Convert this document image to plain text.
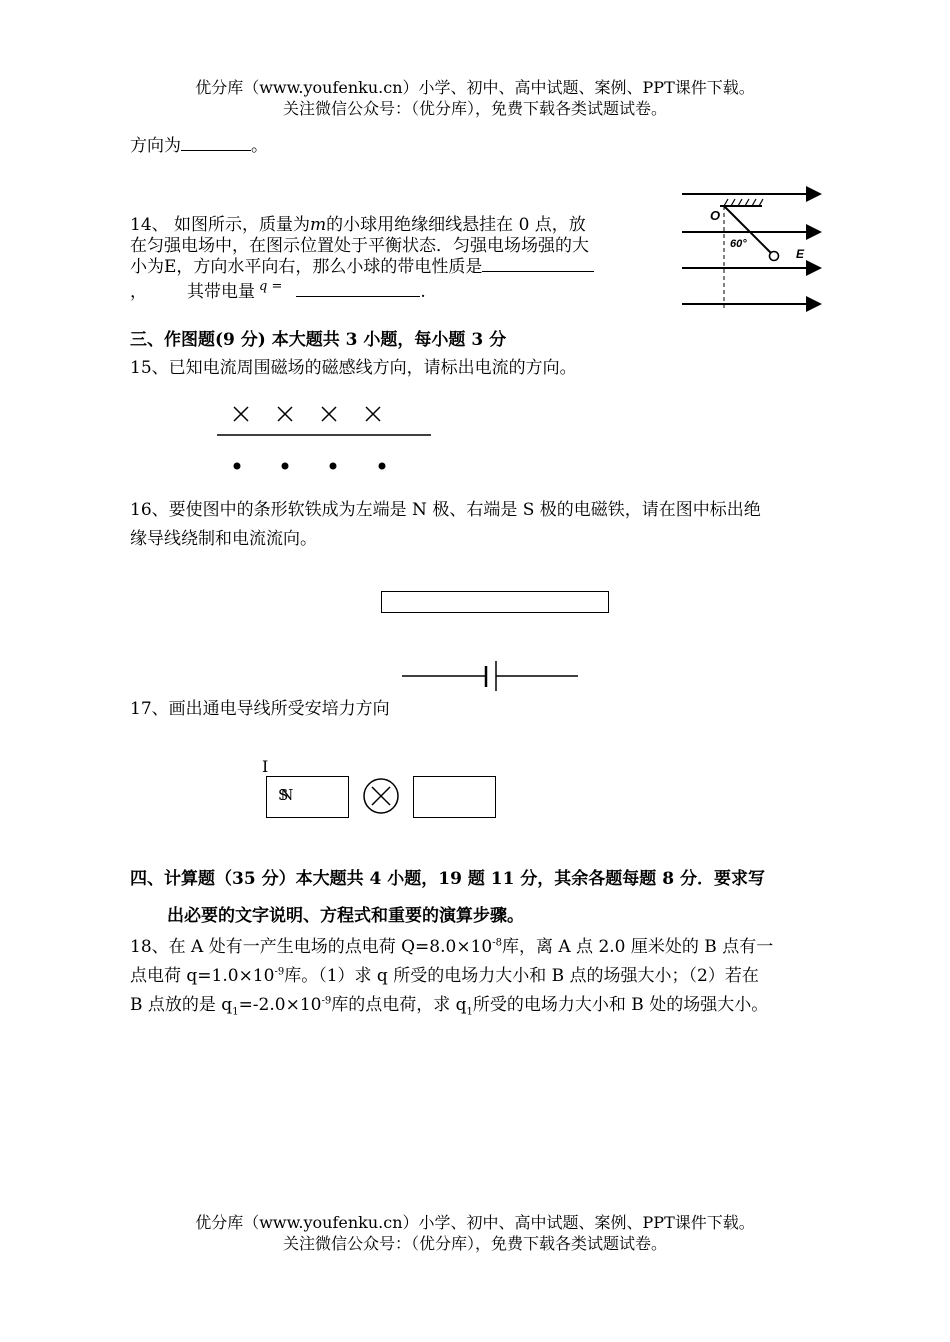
优分库（www.youfenku.cn）小学、初中、高中试题、案例、PPT课件下载。
关注微信公众号：（优分库），免费下载各类试题试卷。
方向为	。
14、 如图所示，质量为m的小球用绝缘细线悬挂在 0 点，放
在匀强电场中，在图示位置处于平衡状态．匀强电场场强的大
小为E，方向水平向右，那么小球的带电性质是
， 其带电量 $^{q =}$	.
O
60°
E
三、作图题(9 分) 本大题共 3 小题，每小题 3 分
15、已知电流周围磁场的磁感线方向，请标出电流的方向。
16、要使图中的条形软铁成为左端是 N 极、右端是 S 极的电磁铁，请在图中标出绝
缘导线绕制和电流流向。
17、画出通电导线所受安培力方向
I
SN
四、计算题（35 分）本大题共 4 小题，19 题 11 分，其余各题每题 8 分．要求写
出必要的文字说明、方程式和重要的演算步骤。
18、在 A 处有一产生电场的点电荷 $Q=8.0\times 10^{-8}$库，离 A 点 2.0 厘米处的 B 点有一
点电荷 $q=1.0\times 10^{-9}$库。（1）求 q 所受的电场力大小和 B 点的场强大小；（2）若在
B 点放的是 $q_1=-2.0\times 10^{-9}$库的点电荷，求 $q_1$所受的电场力大小和 B 处的场强大小。
优分库（www.youfenku.cn）小学、初中、高中试题、案例、PPT课件下载。
关注微信公众号：（优分库），免费下载各类试题试卷。
